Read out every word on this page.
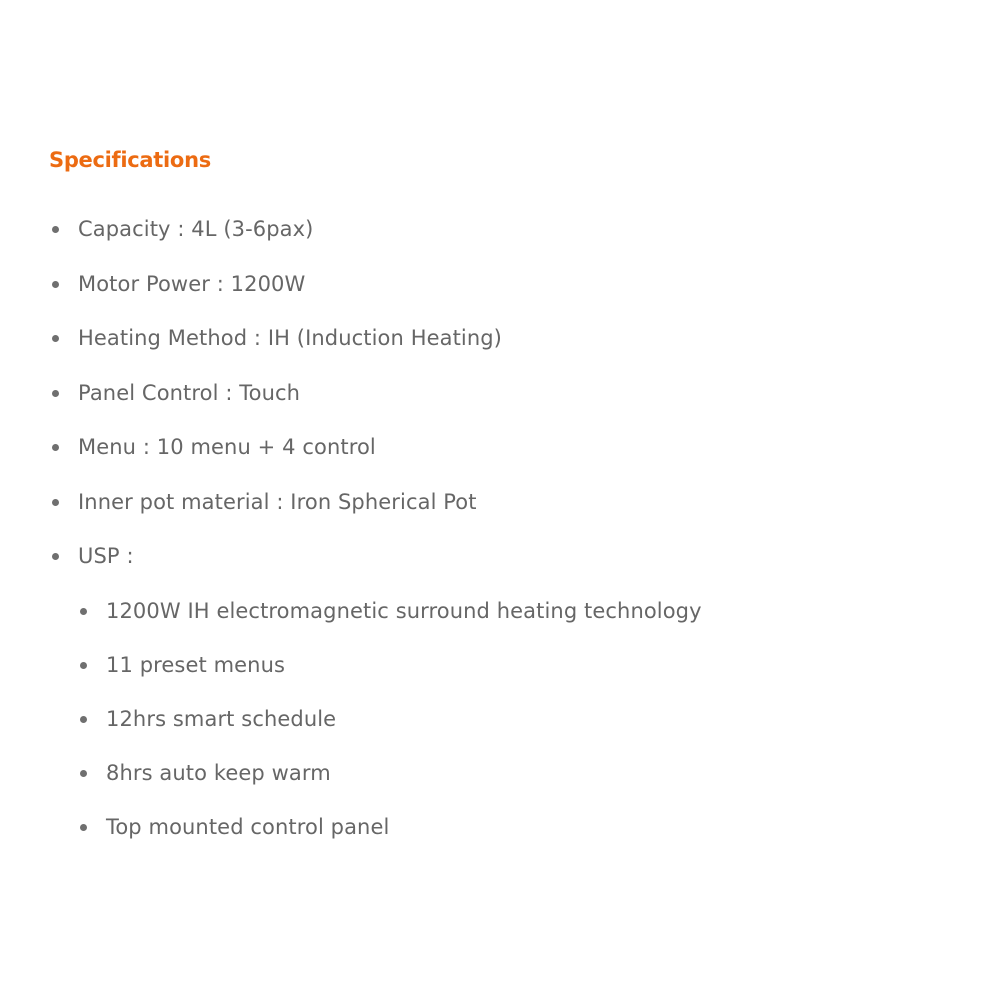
Specifications
Capacity : 4L (3-6pax)
Motor Power : 1200W
Heating Method : IH (Induction Heating)
Panel Control : Touch
Menu : 10 menu + 4 control
Inner pot material : Iron Spherical Pot
USP :
1200W IH electromagnetic surround heating technology
11 preset menus
12hrs smart schedule
8hrs auto keep warm
Top mounted control panel
